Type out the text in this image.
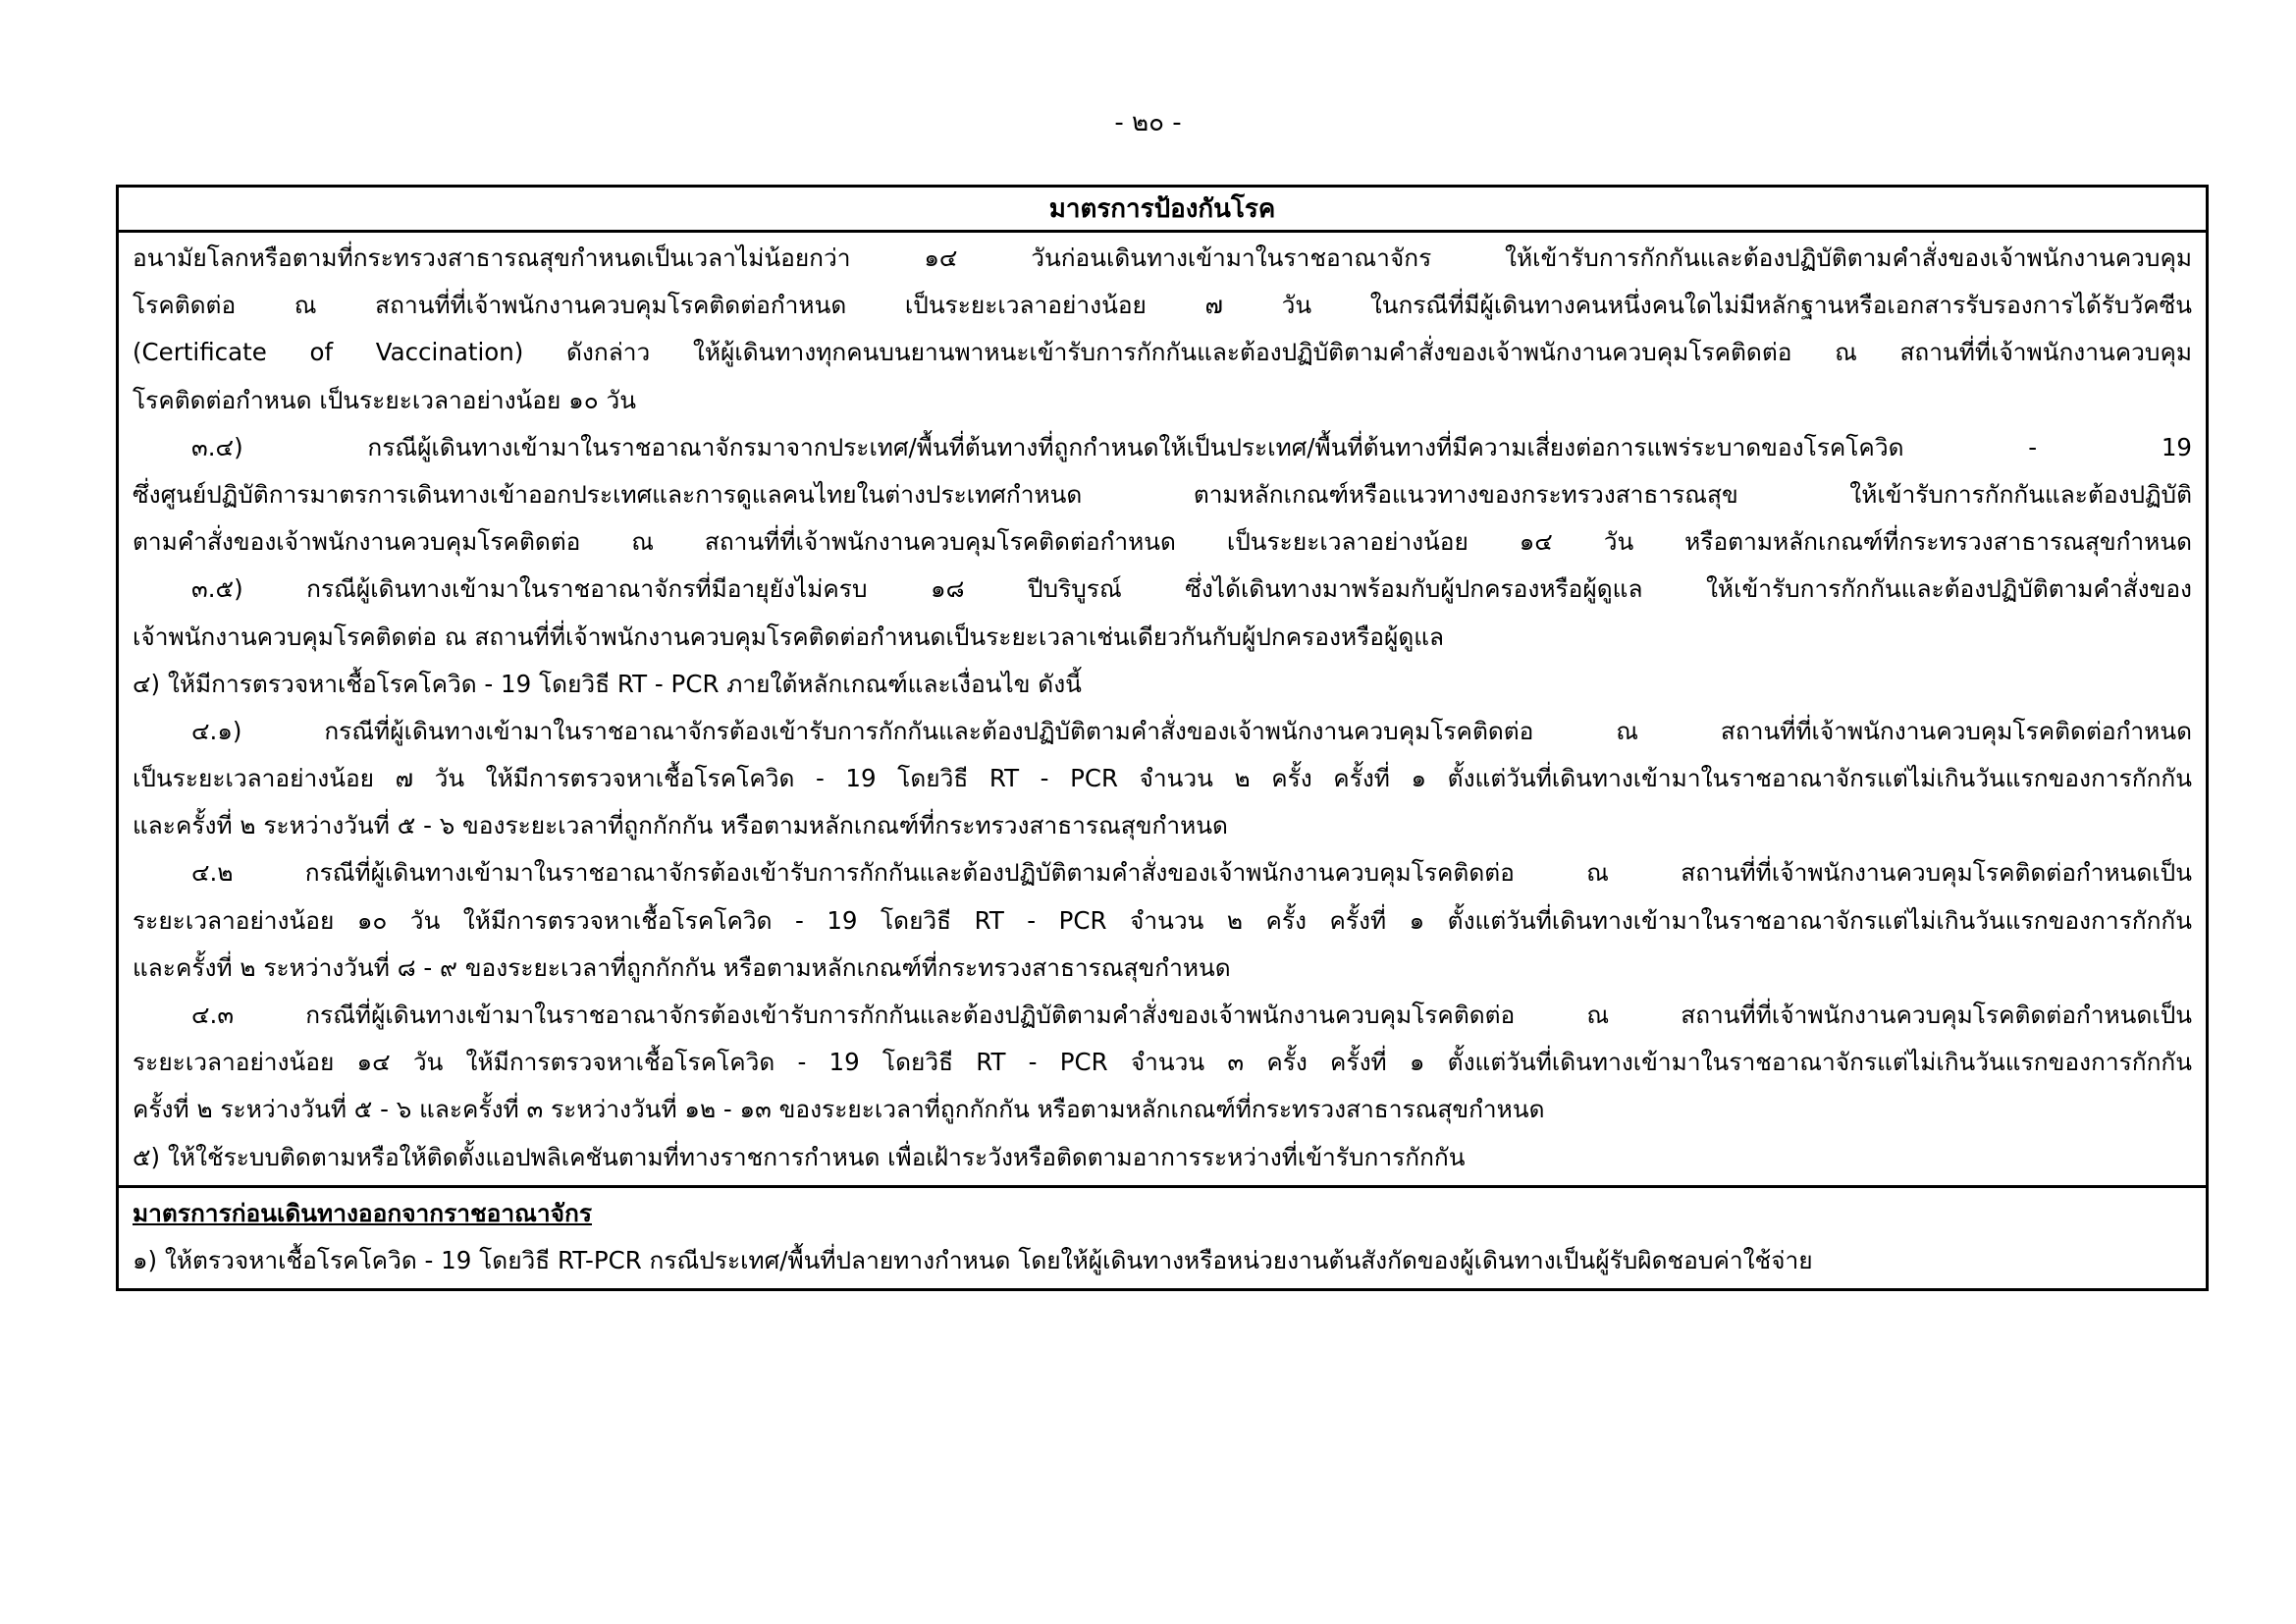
- ๒๐ -
มาตรการป้องกันโรค
อนามัยโลกหรือตามที่กระทรวงสาธารณสุขกำหนดเป็นเวลาไม่น้อยกว่า ๑๔ วันก่อนเดินทางเข้ามาในราชอาณาจักร ให้เข้ารับการกักกันและต้องปฏิบัติตามคำสั่งของเจ้าพนักงานควบคุม
โรคติดต่อ ณ สถานที่ที่เจ้าพนักงานควบคุมโรคติดต่อกำหนด เป็นระยะเวลาอย่างน้อย ๗ วัน ในกรณีที่มีผู้เดินทางคนหนึ่งคนใดไม่มีหลักฐานหรือเอกสารรับรองการได้รับวัคซีน
(Certificate of Vaccination) ดังกล่าว ให้ผู้เดินทางทุกคนบนยานพาหนะเข้ารับการกักกันและต้องปฏิบัติตามคำสั่งของเจ้าพนักงานควบคุมโรคติดต่อ ณ สถานที่ที่เจ้าพนักงานควบคุม
โรคติดต่อกำหนด เป็นระยะเวลาอย่างน้อย ๑๐ วัน
๓.๔) กรณีผู้เดินทางเข้ามาในราชอาณาจักรมาจากประเทศ/พื้นที่ต้นทางที่ถูกกำหนดให้เป็นประเทศ/พื้นที่ต้นทางที่มีความเสี่ยงต่อการแพร่ระบาดของโรคโควิด - 19
ซึ่งศูนย์ปฏิบัติการมาตรการเดินทางเข้าออกประเทศและการดูแลคนไทยในต่างประเทศกำหนด ตามหลักเกณฑ์หรือแนวทางของกระทรวงสาธารณสุข ให้เข้ารับการกักกันและต้องปฏิบัติ
ตามคำสั่งของเจ้าพนักงานควบคุมโรคติดต่อ ณ สถานที่ที่เจ้าพนักงานควบคุมโรคติดต่อกำหนด เป็นระยะเวลาอย่างน้อย ๑๔ วัน หรือตามหลักเกณฑ์ที่กระทรวงสาธารณสุขกำหนด
๓.๕) กรณีผู้เดินทางเข้ามาในราชอาณาจักรที่มีอายุยังไม่ครบ ๑๘ ปีบริบูรณ์ ซึ่งได้เดินทางมาพร้อมกับผู้ปกครองหรือผู้ดูแล ให้เข้ารับการกักกันและต้องปฏิบัติตามคำสั่งของ
เจ้าพนักงานควบคุมโรคติดต่อ ณ สถานที่ที่เจ้าพนักงานควบคุมโรคติดต่อกำหนดเป็นระยะเวลาเช่นเดียวกันกับผู้ปกครองหรือผู้ดูแล
๔) ให้มีการตรวจหาเชื้อโรคโควิด - 19 โดยวิธี RT - PCR ภายใต้หลักเกณฑ์และเงื่อนไข ดังนี้
๔.๑) กรณีที่ผู้เดินทางเข้ามาในราชอาณาจักรต้องเข้ารับการกักกันและต้องปฏิบัติตามคำสั่งของเจ้าพนักงานควบคุมโรคติดต่อ ณ สถานที่ที่เจ้าพนักงานควบคุมโรคติดต่อกำหนด
เป็นระยะเวลาอย่างน้อย ๗ วัน ให้มีการตรวจหาเชื้อโรคโควิด - 19 โดยวิธี RT - PCR จำนวน ๒ ครั้ง ครั้งที่ ๑ ตั้งแต่วันที่เดินทางเข้ามาในราชอาณาจักรแต่ไม่เกินวันแรกของการกักกัน
และครั้งที่ ๒ ระหว่างวันที่ ๕ - ๖ ของระยะเวลาที่ถูกกักกัน หรือตามหลักเกณฑ์ที่กระทรวงสาธารณสุขกำหนด
๔.๒ กรณีที่ผู้เดินทางเข้ามาในราชอาณาจักรต้องเข้ารับการกักกันและต้องปฏิบัติตามคำสั่งของเจ้าพนักงานควบคุมโรคติดต่อ ณ สถานที่ที่เจ้าพนักงานควบคุมโรคติดต่อกำหนดเป็น
ระยะเวลาอย่างน้อย ๑๐ วัน ให้มีการตรวจหาเชื้อโรคโควิด - 19 โดยวิธี RT - PCR จำนวน ๒ ครั้ง ครั้งที่ ๑ ตั้งแต่วันที่เดินทางเข้ามาในราชอาณาจักรแต่ไม่เกินวันแรกของการกักกัน
และครั้งที่ ๒ ระหว่างวันที่ ๘ - ๙ ของระยะเวลาที่ถูกกักกัน หรือตามหลักเกณฑ์ที่กระทรวงสาธารณสุขกำหนด
๔.๓ กรณีที่ผู้เดินทางเข้ามาในราชอาณาจักรต้องเข้ารับการกักกันและต้องปฏิบัติตามคำสั่งของเจ้าพนักงานควบคุมโรคติดต่อ ณ สถานที่ที่เจ้าพนักงานควบคุมโรคติดต่อกำหนดเป็น
ระยะเวลาอย่างน้อย ๑๔ วัน ให้มีการตรวจหาเชื้อโรคโควิด - 19 โดยวิธี RT - PCR จำนวน ๓ ครั้ง ครั้งที่ ๑ ตั้งแต่วันที่เดินทางเข้ามาในราชอาณาจักรแต่ไม่เกินวันแรกของการกักกัน
ครั้งที่ ๒ ระหว่างวันที่ ๕ - ๖ และครั้งที่ ๓ ระหว่างวันที่ ๑๒ - ๑๓ ของระยะเวลาที่ถูกกักกัน หรือตามหลักเกณฑ์ที่กระทรวงสาธารณสุขกำหนด
๕) ให้ใช้ระบบติดตามหรือให้ติดตั้งแอปพลิเคชันตามที่ทางราชการกำหนด เพื่อเฝ้าระวังหรือติดตามอาการระหว่างที่เข้ารับการกักกัน
มาตรการก่อนเดินทางออกจากราชอาณาจักร
๑) ให้ตรวจหาเชื้อโรคโควิด - 19 โดยวิธี RT-PCR กรณีประเทศ/พื้นที่ปลายทางกำหนด โดยให้ผู้เดินทางหรือหน่วยงานต้นสังกัดของผู้เดินทางเป็นผู้รับผิดชอบค่าใช้จ่าย
